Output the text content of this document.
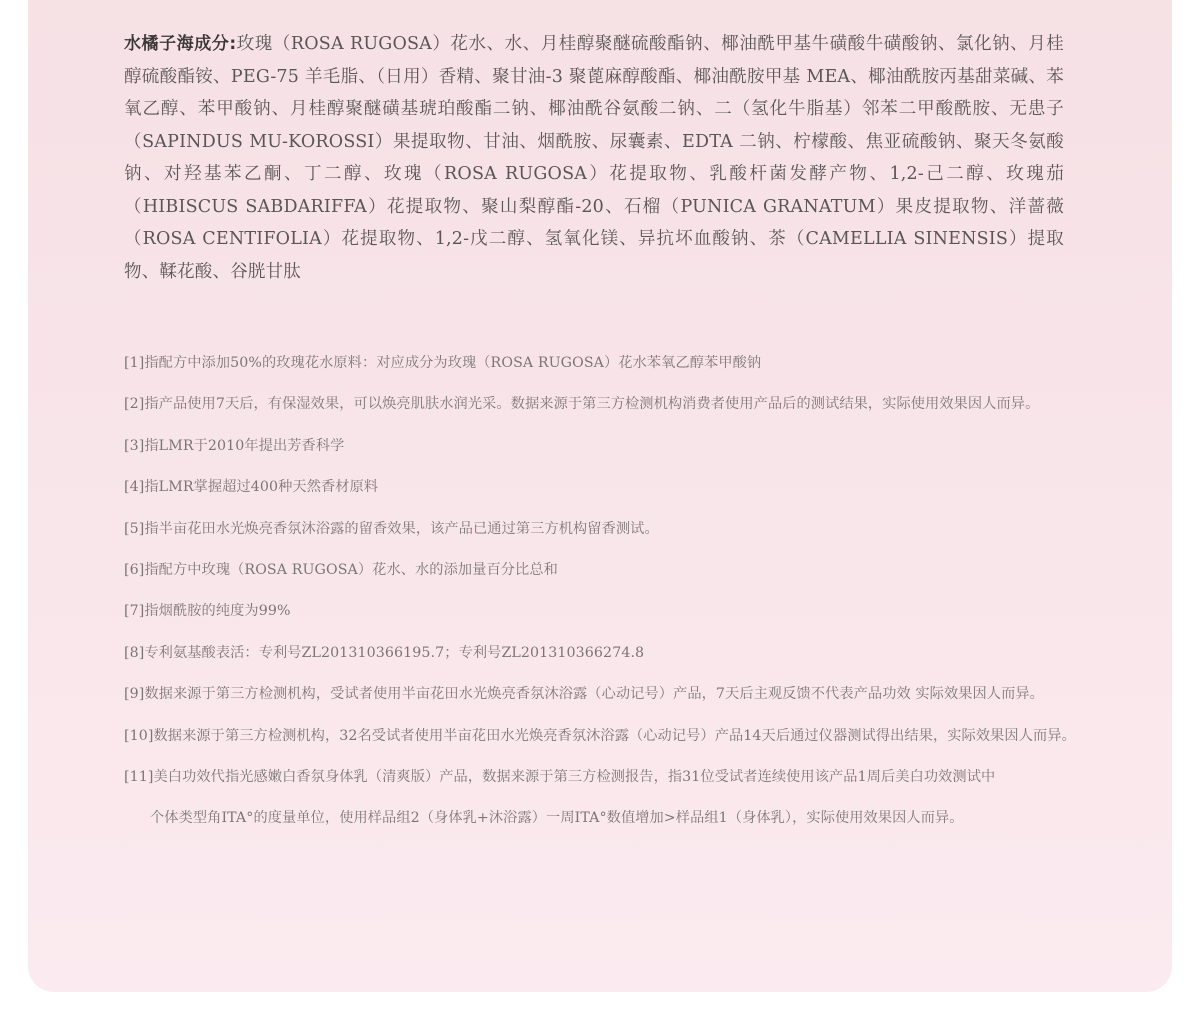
水橘子海成分:玫瑰（ROSA RUGOSA）花水、水、月桂醇聚醚硫酸酯钠、椰油酰甲基牛磺酸牛磺酸钠、氯化钠、月桂醇硫酸酯铵、PEG-75 羊毛脂、（日用）香精、聚甘油-3 聚蓖麻醇酸酯、椰油酰胺甲基 MEA、椰油酰胺丙基甜菜碱、苯氧乙醇、苯甲酸钠、月桂醇聚醚磺基琥珀酸酯二钠、椰油酰谷氨酸二钠、二（氢化牛脂基）邻苯二甲酸酰胺、无患子（SAPINDUS MU-KOROSSI）果提取物、甘油、烟酰胺、尿囊素、EDTA 二钠、柠檬酸、焦亚硫酸钠、聚天冬氨酸钠、对羟基苯乙酮、丁二醇、玫瑰（ROSA RUGOSA）花提取物、乳酸杆菌发酵产物、1,2-己二醇、玫瑰茄（HIBISCUS SABDARIFFA）花提取物、聚山梨醇酯-20、石榴（PUNICA GRANATUM）果皮提取物、洋蔷薇（ROSA CENTIFOLIA）花提取物、1,2-戊二醇、氢氧化镁、异抗坏血酸钠、茶（CAMELLIA SINENSIS）提取物、鞣花酸、谷胱甘肽
[1]指配方中添加50%的玫瑰花水原料：对应成分为玫瑰（ROSA RUGOSA）花水苯氧乙醇苯甲酸钠
[2]指产品使用7天后，有保湿效果，可以焕亮肌肤水润光采。数据来源于第三方检测机构消费者使用产品后的测试结果，实际使用效果因人而异。
[3]指LMR于2010年提出芳香科学
[4]指LMR掌握超过400种天然香材原料
[5]指半亩花田水光焕亮香氛沐浴露的留香效果，该产品已通过第三方机构留香测试。
[6]指配方中玫瑰（ROSA RUGOSA）花水、水的添加量百分比总和
[7]指烟酰胺的纯度为99%
[8]专利氨基酸表活：专利号ZL201310366195.7；专利号ZL201310366274.8
[9]数据来源于第三方检测机构，受试者使用半亩花田水光焕亮香氛沐浴露（心动记号）产品，7天后主观反馈不代表产品功效 实际效果因人而异。
[10]数据来源于第三方检测机构，32名受试者使用半亩花田水光焕亮香氛沐浴露（心动记号）产品14天后通过仪器测试得出结果，实际效果因人而异。
[11]美白功效代指光感嫩白香氛身体乳（清爽版）产品，数据来源于第三方检测报告，指31位受试者连续使用该产品1周后美白功效测试中
个体类型角ITA°的度量单位，使用样品组2（身体乳+沐浴露）一周ITA°数值增加>样品组1（身体乳），实际使用效果因人而异。
